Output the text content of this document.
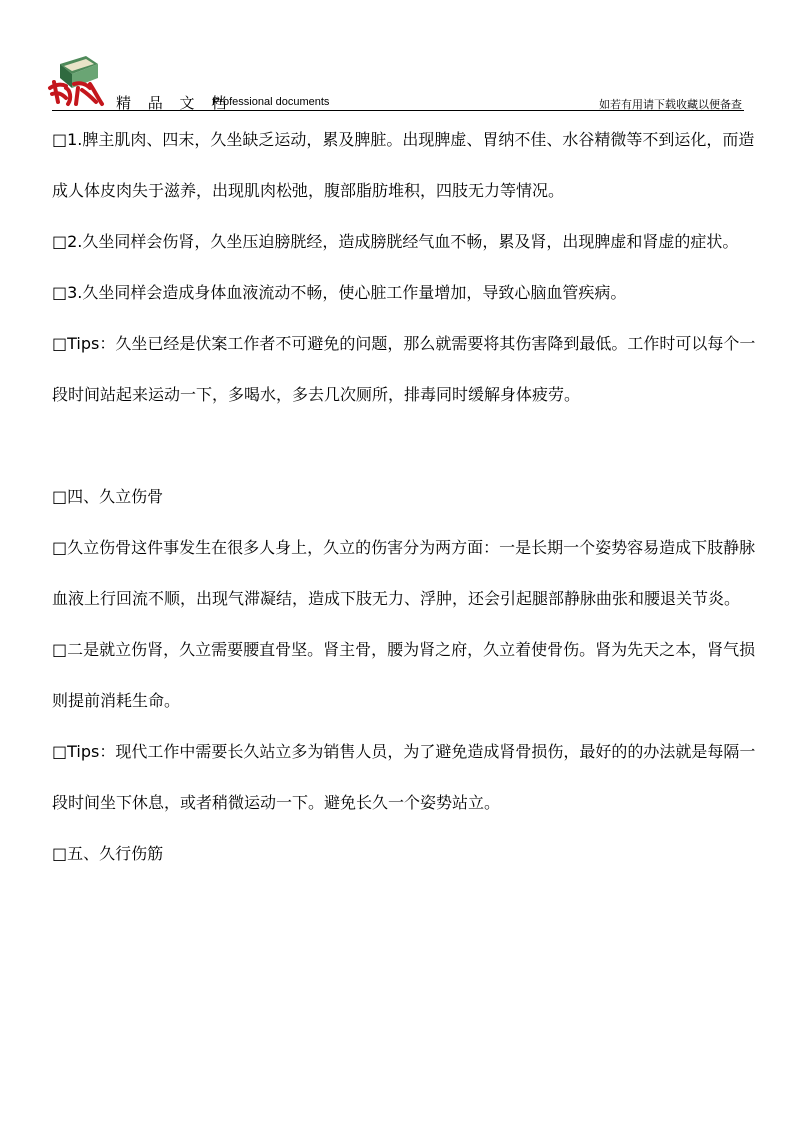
精 品 文 档
Professional documents	如若有用请下载收藏以便备查

□1.脾主肌肉、四末，久坐缺乏运动，累及脾脏。出现脾虚、胃纳不佳、水谷精微等不到运化，而造成人体皮肉失于滋养，出现肌肉松弛，腹部脂肪堆积，四肢无力等情况。

□2.久坐同样会伤肾，久坐压迫膀胱经，造成膀胱经气血不畅，累及肾，出现脾虚和肾虚的症状。

□3.久坐同样会造成身体血液流动不畅，使心脏工作量增加，导致心脑血管疾病。

□Tips：久坐已经是伏案工作者不可避免的问题，那么就需要将其伤害降到最低。工作时可以每个一段时间站起来运动一下，多喝水，多去几次厕所，排毒同时缓解身体疲劳。

□四、久立伤骨

□久立伤骨这件事发生在很多人身上，久立的伤害分为两方面：一是长期一个姿势容易造成下肢静脉血液上行回流不顺，出现气滞凝结，造成下肢无力、浮肿，还会引起腿部静脉曲张和腰退关节炎。

□二是就立伤肾，久立需要腰直骨坚。肾主骨，腰为肾之府，久立着使骨伤。肾为先天之本，肾气损则提前消耗生命。

□Tips：现代工作中需要长久站立多为销售人员，为了避免造成肾骨损伤，最好的的办法就是每隔一段时间坐下休息，或者稍微运动一下。避免长久一个姿势站立。

□五、久行伤筋
